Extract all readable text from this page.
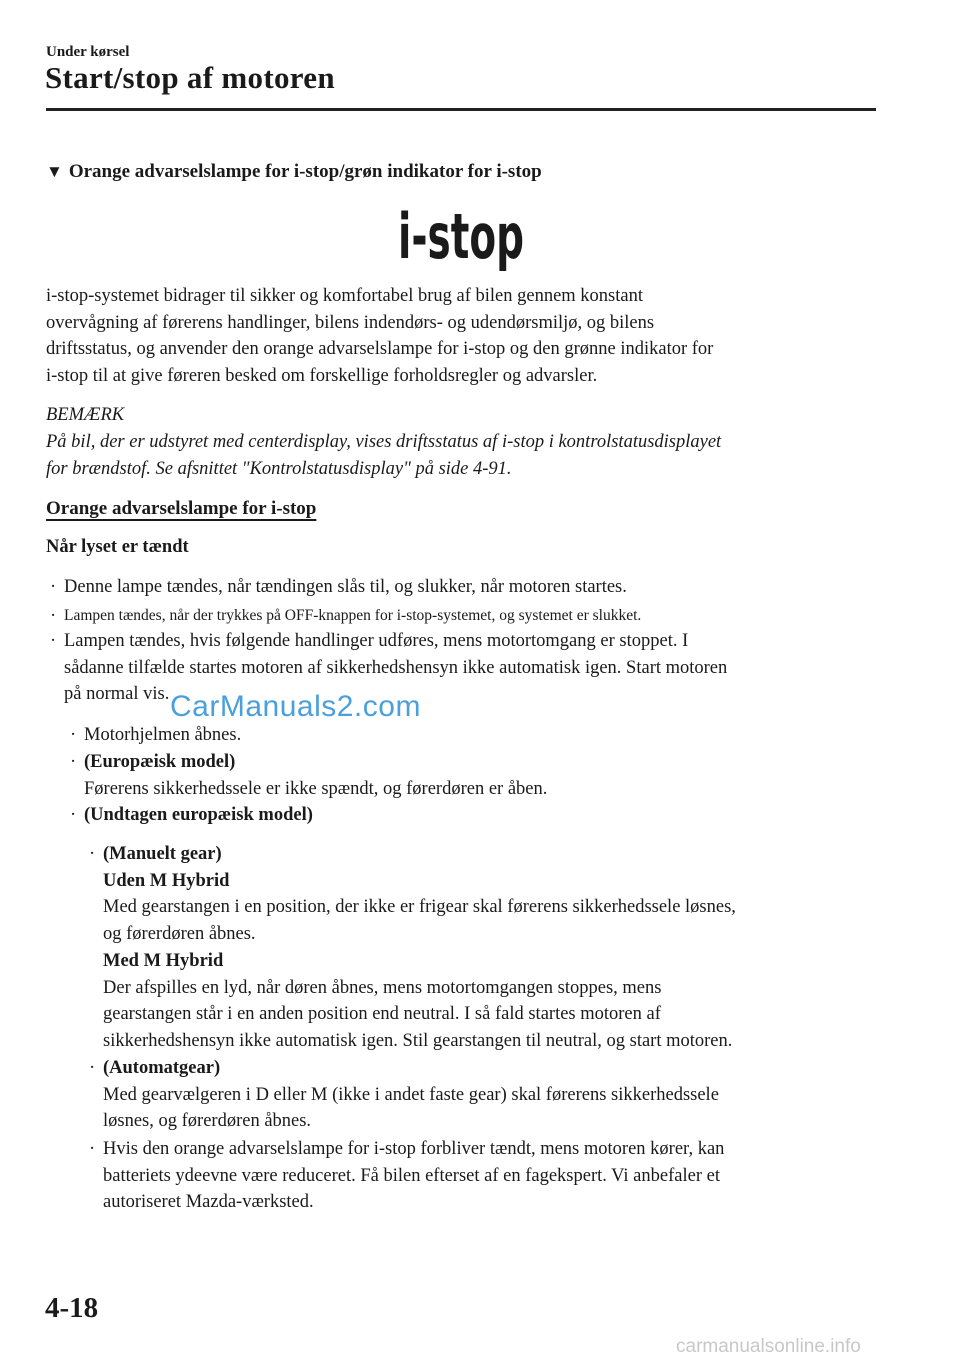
Under kørsel
Start/stop af motoren
▼ Orange advarselslampe for i-stop/grøn indikator for i-stop
i-stop
i-stop-systemet bidrager til sikker og komfortabel brug af bilen gennem konstant
overvågning af førerens handlinger, bilens indendørs- og udendørsmiljø, og bilens
driftsstatus, og anvender den orange advarselslampe for i-stop og den grønne indikator for
i-stop til at give føreren besked om forskellige forholdsregler og advarsler.
BEMÆRK
På bil, der er udstyret med centerdisplay, vises driftsstatus af i-stop i kontrolstatusdisplayet
for brændstof. Se afsnittet "Kontrolstatusdisplay" på side 4-91.
Orange advarselslampe for i-stop
Når lyset er tændt
· Denne lampe tændes, når tændingen slås til, og slukker, når motoren startes.
· Lampen tændes, når der trykkes på OFF-knappen for i-stop-systemet, og systemet er slukket.
· Lampen tændes, hvis følgende handlinger udføres, mens motortomgang er stoppet. I
sådanne tilfælde startes motoren af sikkerhedshensyn ikke automatisk igen. Start motoren
på normal vis.
· Motorhjelmen åbnes.
· (Europæisk model)
Førerens sikkerhedssele er ikke spændt, og førerdøren er åben.
· (Undtagen europæisk model)
· (Manuelt gear)
Uden M Hybrid
Med gearstangen i en position, der ikke er frigear skal førerens sikkerhedssele løsnes,
og førerdøren åbnes.
Med M Hybrid
Der afspilles en lyd, når døren åbnes, mens motortomgangen stoppes, mens
gearstangen står i en anden position end neutral. I så fald startes motoren af
sikkerhedshensyn ikke automatisk igen. Stil gearstangen til neutral, og start motoren.
· (Automatgear)
Med gearvælgeren i D eller M (ikke i andet faste gear) skal førerens sikkerhedssele
løsnes, og førerdøren åbnes.
· Hvis den orange advarselslampe for i-stop forbliver tændt, mens motoren kører, kan
batteriets ydeevne være reduceret. Få bilen efterset af en fagekspert. Vi anbefaler et
autoriseret Mazda-værksted.
CarManuals2.com
4-18
carmanualsonline.info
